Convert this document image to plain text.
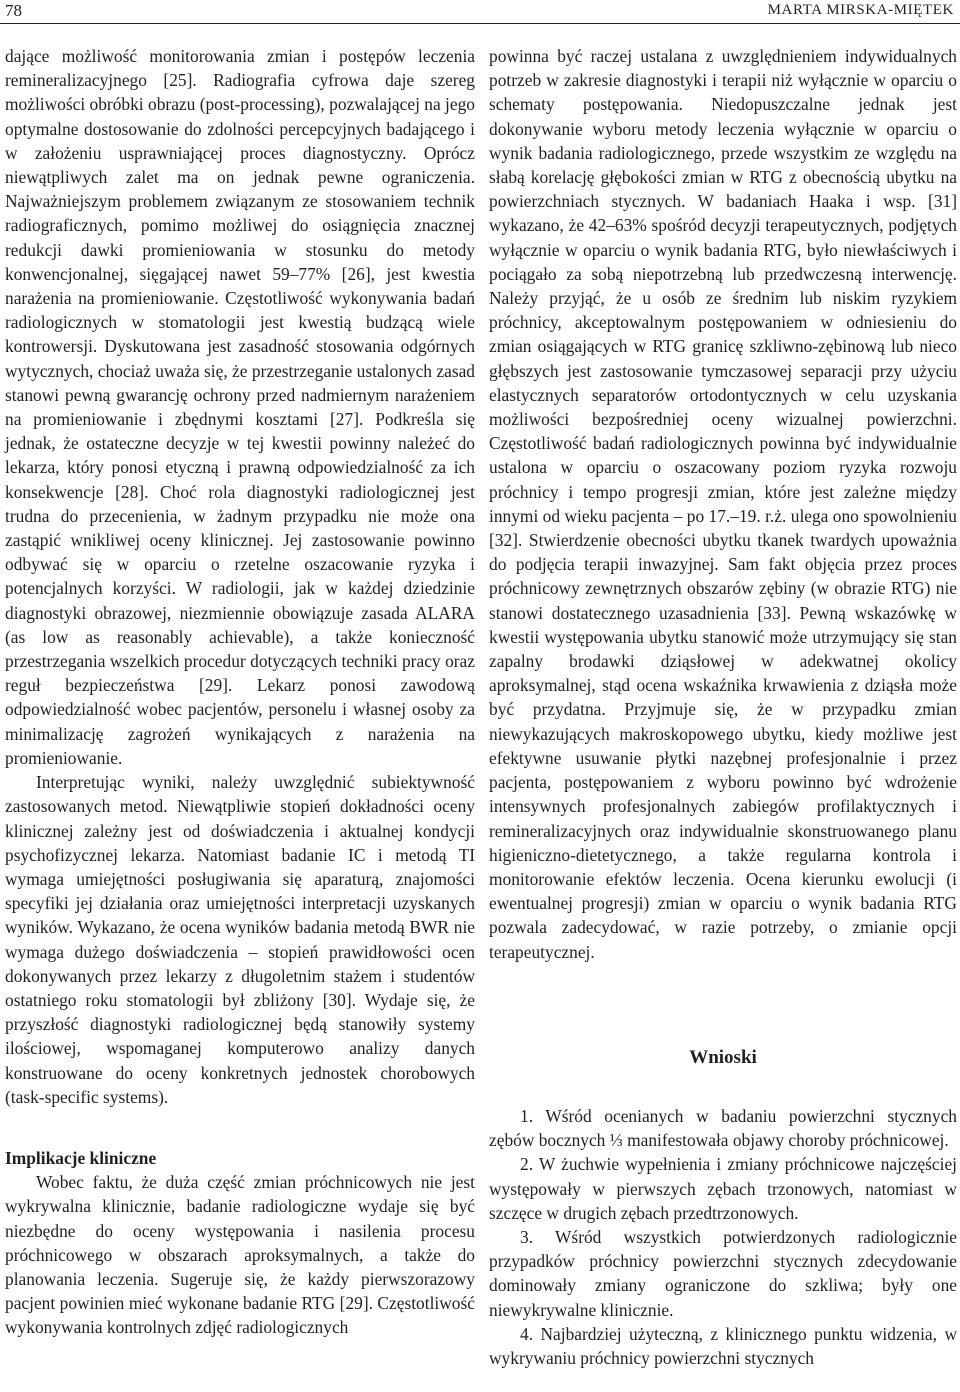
78	MARTA MIRSKA-MIĘTEK

dające możliwość monitorowania zmian i postępów leczenia remineralizacyjnego [25]. Radiografia cyfrowa daje szereg możliwości obróbki obrazu (post-processing), pozwalającej na jego optymalne dostosowanie do zdolności percepcyjnych badającego i w założeniu usprawniającej proces diagnostyczny. Oprócz niewątpliwych zalet ma on jednak pewne ograniczenia. Najważniejszym problemem związanym ze stosowaniem technik radiograficznych, pomimo możliwej do osiągnięcia znacznej redukcji dawki promieniowania w stosunku do metody konwencjonalnej, sięgającej nawet 59–77% [26], jest kwestia narażenia na promieniowanie. Częstotliwość wykonywania badań radiologicznych w stomatologii jest kwestią budzącą wiele kontrowersji. Dyskutowana jest zasadność stosowania odgórnych wytycznych, chociaż uważa się, że przestrzeganie ustalonych zasad stanowi pewną gwarancję ochrony przed nadmiernym narażeniem na promieniowanie i zbędnymi kosztami [27]. Podkreśla się jednak, że ostateczne decyzje w tej kwestii powinny należeć do lekarza, który ponosi etyczną i prawną odpowiedzialność za ich konsekwencje [28]. Choć rola diagnostyki radiologicznej jest trudna do przecenienia, w żadnym przypadku nie może ona zastąpić wnikliwej oceny klinicznej. Jej zastosowanie powinno odbywać się w oparciu o rzetelne oszacowanie ryzyka i potencjalnych korzyści. W radiologii, jak w każdej dziedzinie diagnostyki obrazowej, niezmiennie obowiązuje zasada ALARA (as low as reasonably achievable), a także konieczność przestrzegania wszelkich procedur dotyczących techniki pracy oraz reguł bezpieczeństwa [29]. Lekarz ponosi zawodową odpowiedzialność wobec pacjentów, personelu i własnej osoby za minimalizację zagrożeń wynikających z narażenia na promieniowanie.

Interpretując wyniki, należy uwzględnić subiektywność zastosowanych metod. Niewątpliwie stopień dokładności oceny klinicznej zależny jest od doświadczenia i aktualnej kondycji psychofizycznej lekarza. Natomiast badanie IC i metodą TI wymaga umiejętności posługiwania się aparaturą, znajomości specyfiki jej działania oraz umiejętności interpretacji uzyskanych wyników. Wykazano, że ocena wyników badania metodą BWR nie wymaga dużego doświadczenia – stopień prawidłowości ocen dokonywanych przez lekarzy z długoletnim stażem i studentów ostatniego roku stomatologii był zbliżony [30]. Wydaje się, że przyszłość diagnostyki radiologicznej będą stanowiły systemy ilościowej, wspomaganej komputerowo analizy danych konstruowane do oceny konkretnych jednostek chorobowych (task-specific systems).

Implikacje kliniczne

Wobec faktu, że duża część zmian próchnicowych nie jest wykrywalna klinicznie, badanie radiologiczne wydaje się być niezbędne do oceny występowania i nasilenia procesu próchnicowego w obszarach aproksymalnych, a także do planowania leczenia. Sugeruje się, że każdy pierwszorazowy pacjent powinien mieć wykonane badanie RTG [29]. Częstotliwość wykonywania kontrolnych zdjęć radiologicznych

powinna być raczej ustalana z uwzględnieniem indywidualnych potrzeb w zakresie diagnostyki i terapii niż wyłącznie w oparciu o schematy postępowania. Niedopuszczalne jednak jest dokonywanie wyboru metody leczenia wyłącznie w oparciu o wynik badania radiologicznego, przede wszystkim ze względu na słabą korelację głębokości zmian w RTG z obecnością ubytku na powierzchniach stycznych. W badaniach Haaka i wsp. [31] wykazano, że 42–63% spośród decyzji terapeutycznych, podjętych wyłącznie w oparciu o wynik badania RTG, było niewłaściwych i pociągało za sobą niepotrzebną lub przedwczesną interwencję. Należy przyjąć, że u osób ze średnim lub niskim ryzykiem próchnicy, akceptowalnym postępowaniem w odniesieniu do zmian osiągających w RTG granicę szkliwno-zębinową lub nieco głębszych jest zastosowanie tymczasowej separacji przy użyciu elastycznych separatorów ortodontycznych w celu uzyskania możliwości bezpośredniej oceny wizualnej powierzchni. Częstotliwość badań radiologicznych powinna być indywidualnie ustalona w oparciu o oszacowany poziom ryzyka rozwoju próchnicy i tempo progresji zmian, które jest zależne między innymi od wieku pacjenta – po 17.–19. r.ż. ulega ono spowolnieniu [32]. Stwierdzenie obecności ubytku tkanek twardych upoważnia do podjęcia terapii inwazyjnej. Sam fakt objęcia przez proces próchnicowy zewnętrznych obszarów zębiny (w obrazie RTG) nie stanowi dostatecznego uzasadnienia [33]. Pewną wskazówkę w kwestii występowania ubytku stanowić może utrzymujący się stan zapalny brodawki dziąsłowej w adekwatnej okolicy aproksymalnej, stąd ocena wskaźnika krwawienia z dziąsła może być przydatna. Przyjmuje się, że w przypadku zmian niewykazujących makroskopowego ubytku, kiedy możliwe jest efektywne usuwanie płytki nazębnej profesjonalnie i przez pacjenta, postępowaniem z wyboru powinno być wdrożenie intensywnych profesjonalnych zabiegów profilaktycznych i remineralizacyjnych oraz indywidualnie skonstruowanego planu higieniczno-dietetycznego, a także regularna kontrola i monitorowanie efektów leczenia. Ocena kierunku ewolucji (i ewentualnej progresji) zmian w oparciu o wynik badania RTG pozwala zadecydować, w razie potrzeby, o zmianie opcji terapeutycznej.

Wnioski
1. Wśród ocenianych w badaniu powierzchni stycznych zębów bocznych ⅓ manifestowała objawy choroby próchnicowej.
2. W żuchwie wypełnienia i zmiany próchnicowe najczęściej występowały w pierwszych zębach trzonowych, natomiast w szczęce w drugich zębach przedtrzonowych.
3. Wśród wszystkich potwierdzonych radiologicznie przypadków próchnicy powierzchni stycznych zdecydowanie dominowały zmiany ograniczone do szkliwa; były one niewykrywalne klinicznie.
4. Najbardziej użyteczną, z klinicznego punktu widzenia, w wykrywaniu próchnicy powierzchni stycznych
